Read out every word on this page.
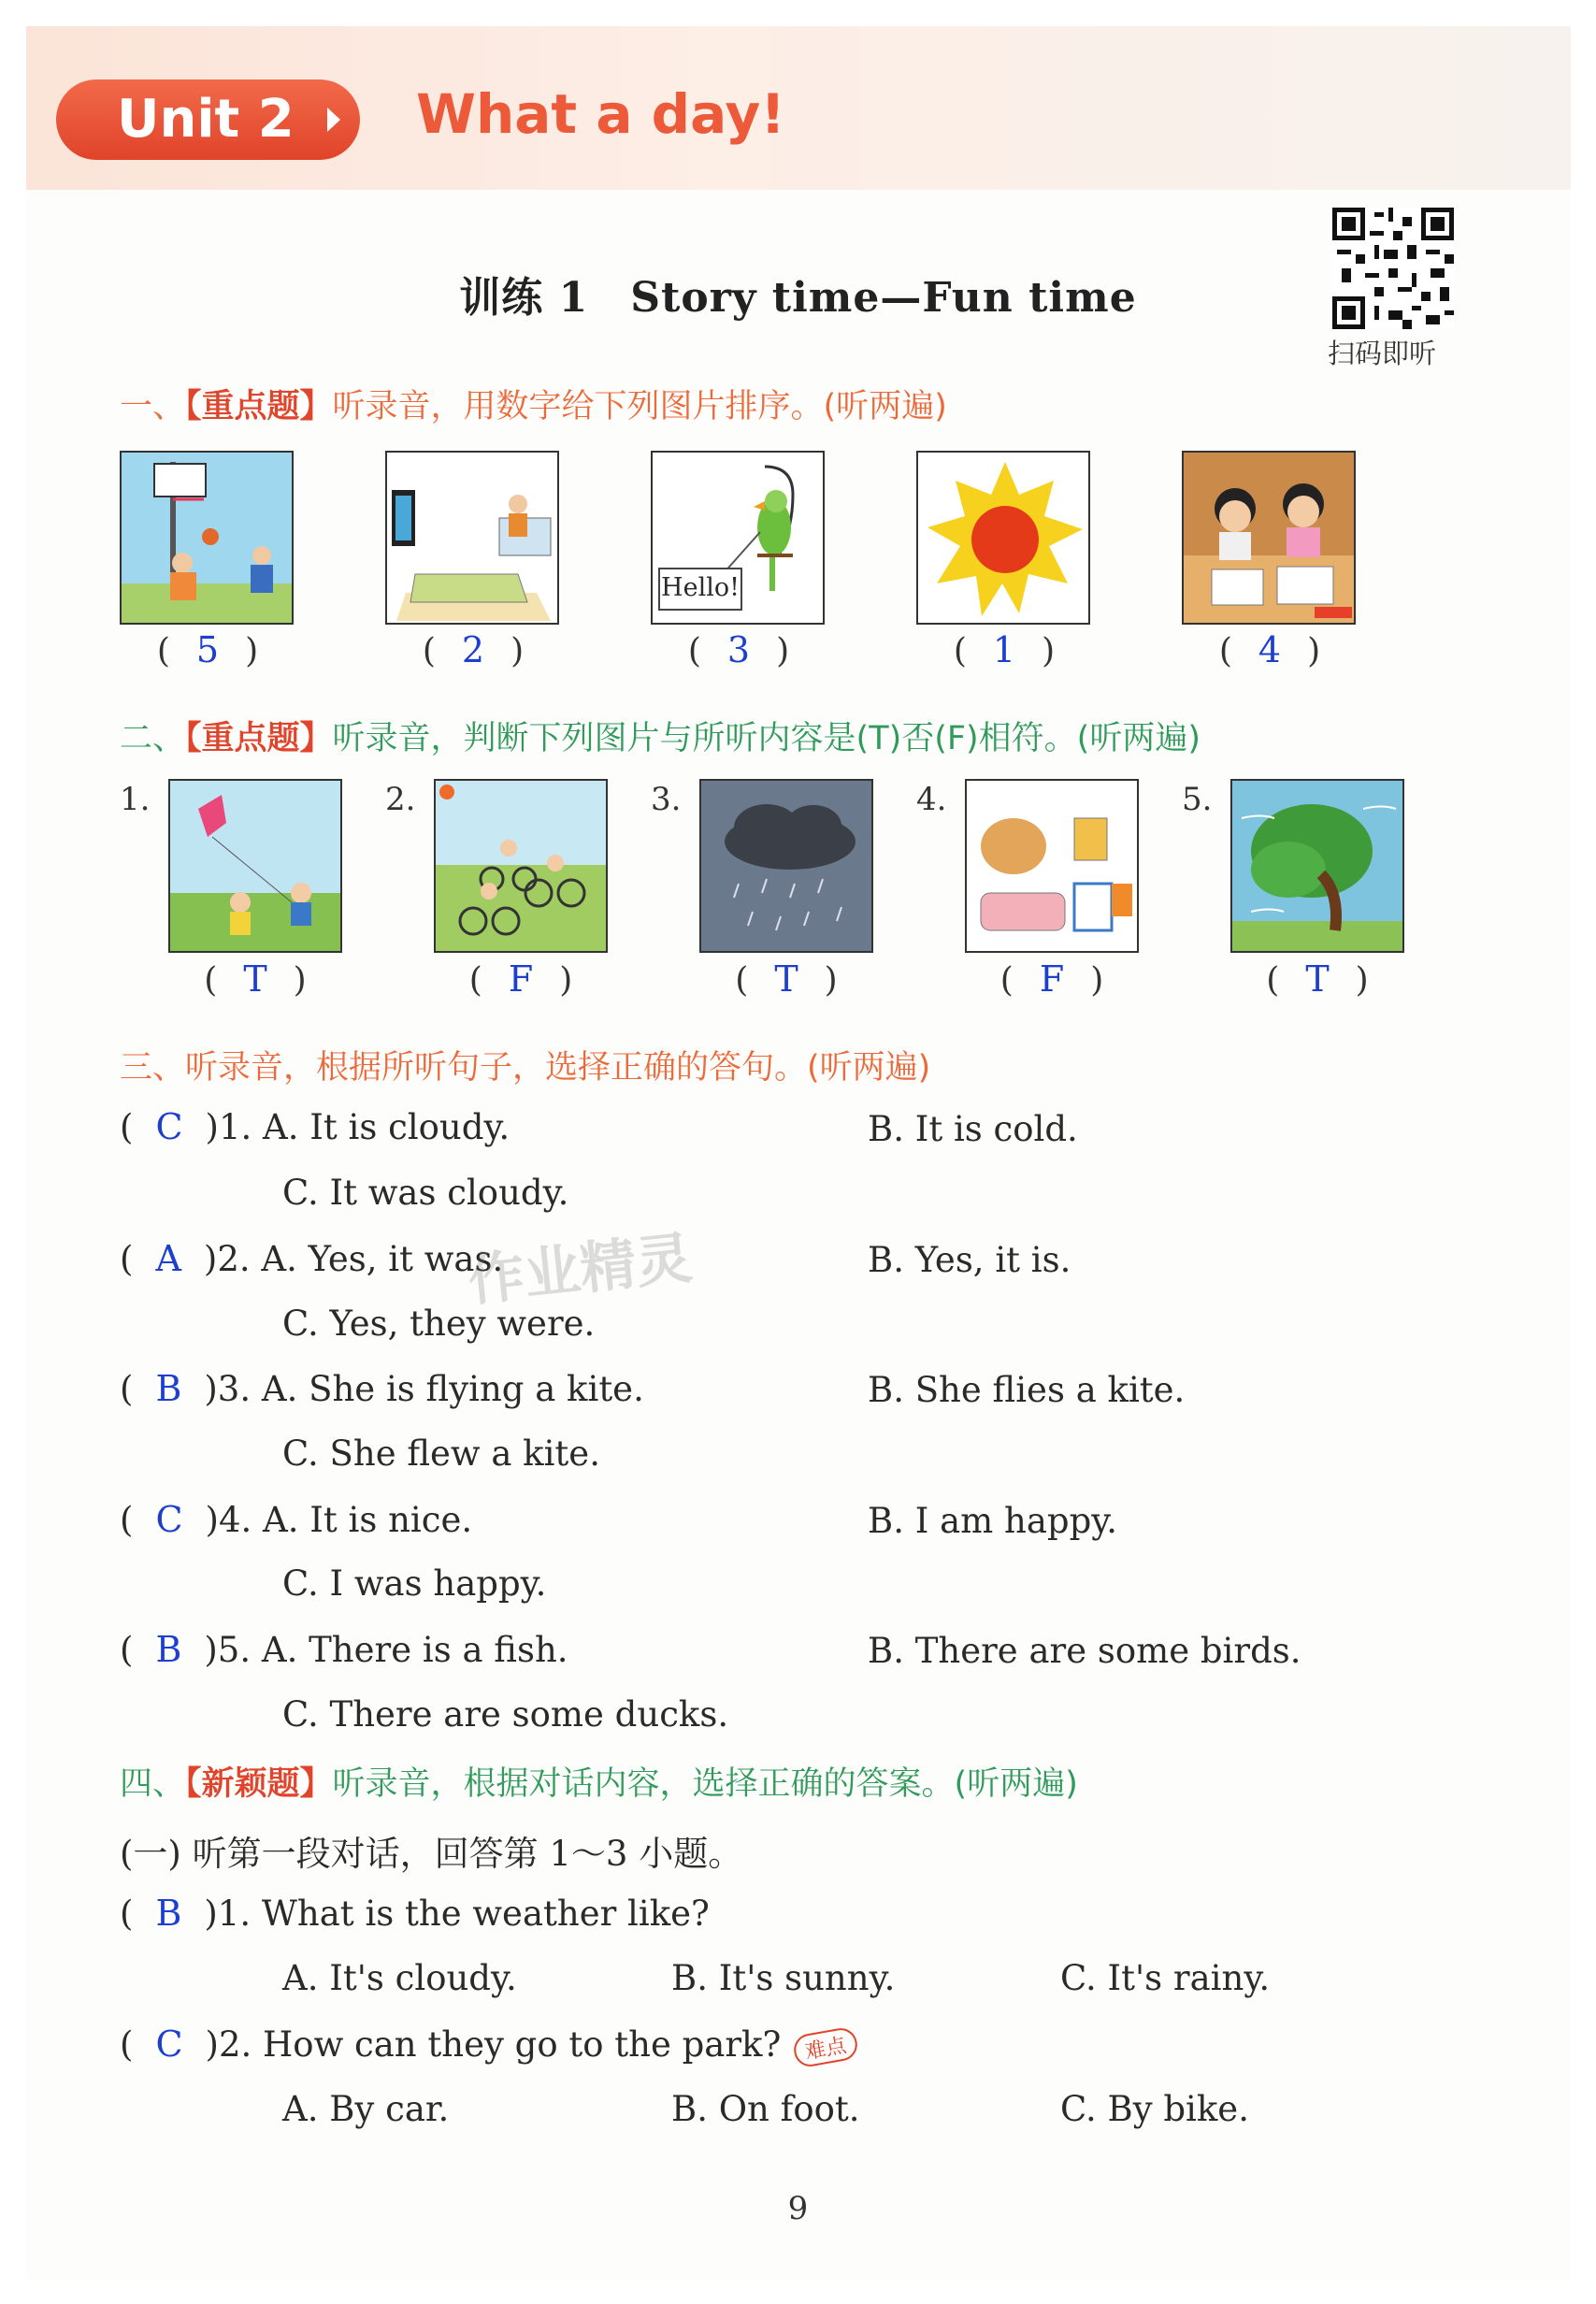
Unit 2	What a day!
训练 1　Story time—Fun time
扫码即听
一、【重点题】听录音，用数字给下列图片排序。(听两遍)
( 5 )	( 2 )
Hello!
( 3 )	( 1 )	( 4 )
二、【重点题】听录音，判断下列图片与所听内容是(T)否(F)相符。(听两遍)
1.
( T )
2.
( F )
3.
( T )
4.
( F )
5.
( T )
三、听录音，根据所听句子，选择正确的答句。(听两遍)
( C )1. A. It is cloudy.	B. It is cold.
C. It was cloudy.
( A )2. A. Yes, it was.	B. Yes, it is.
C. Yes, they were.
( B )3. A. She is flying a kite.	B. She flies a kite.
C. She flew a kite.
( C )4. A. It is nice.	B. I am happy.
C. I was happy.
( B )5. A. There is a fish.	B. There are some birds.
C. There are some ducks.
四、【新颖题】听录音，根据对话内容，选择正确的答案。(听两遍)
(一) 听第一段对话，回答第 1～3 小题。
( B )1. What is the weather like?
A. It's cloudy.	B. It's sunny.	C. It's rainy.
( C )2. How can they go to the park? 难点
A. By car.	B. On foot.	C. By bike.
9
作业精灵
